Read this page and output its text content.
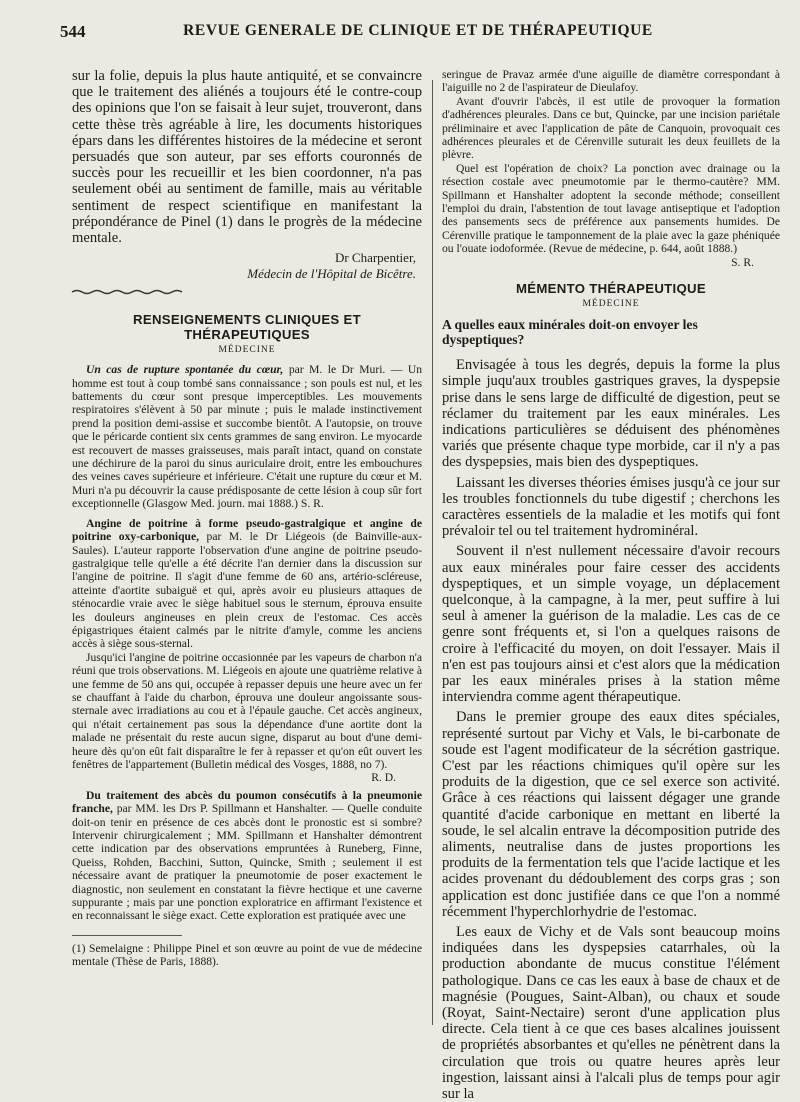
544	REVUE GENERALE DE CLINIQUE ET DE THÉRAPEUTIQUE

sur la folie, depuis la plus haute antiquité, et se convaincre que le traitement des aliénés a toujours été le contre-coup des opinions que l'on se faisait à leur sujet, trouveront, dans cette thèse très agréable à lire, les documents historiques épars dans les différentes histoires de la médecine et seront persuadés que son auteur, par ses efforts couronnés de succès pour les recueillir et les bien coordonner, n'a pas seulement obéi au sentiment de famille, mais au véritable sentiment de respect scientifique en manifestant la prépondérance de Pinel (1) dans le progrès de la médecine mentale.

Dr Charpentier,
Médecin de l'Hôpital de Bicêtre.
RENSEIGNEMENTS CLINIQUES ET THÉRAPEUTIQUES
MÉDECINE

Un cas de rupture spontanée du cœur, par M. le Dr Muri. — Un homme est tout à coup tombé sans connaissance ; son pouls est nul, et les battements du cœur sont presque imperceptibles. Les mouvements respiratoires s'élèvent à 50 par minute ; puis le malade instinctivement prend la position demi-assise et succombe bientôt. A l'autopsie, on trouve que le péricarde contient six cents grammes de sang environ. Le myocarde est recouvert de masses graisseuses, mais paraît intact, quand on constate une déchirure de la paroi du sinus auriculaire droit, entre les embouchures des veines caves supérieure et inférieure. C'était une rupture du cœur et M. Muri n'a pu découvrir la cause prédisposante de cette lésion à coup sûr fort exceptionnelle (Glasgow Med. journ. mai 1888.) S. R.

Angine de poitrine à forme pseudo-gastralgique et angine de poitrine oxy-carbonique, par M. le Dr Liégeois (de Bainville-aux-Saules). L'auteur rapporte l'observation d'une angine de poitrine pseudo-gastralgique telle qu'elle a été décrite l'an dernier dans la discussion sur l'angine de poitrine. Il s'agit d'une femme de 60 ans, artério-scléreuse, atteinte d'aortite subaiguë et qui, après avoir eu plusieurs attaques de sténocardie vraie avec le siège habituel sous le sternum, éprouva ensuite les douleurs angineuses en plein creux de l'estomac. Ces accès épigastriques étaient calmés par le nitrite d'amyle, comme les anciens accès à siège sous-sternal.

Jusqu'ici l'angine de poitrine occasionnée par les vapeurs de charbon n'a réuni que trois observations. M. Liégeois en ajoute une quatrième relative à une femme de 50 ans qui, occupée à repasser depuis une heure avec un fer se chauffant à l'aide du charbon, éprouva une douleur angoissante sous-sternale avec irradiations au cou et à l'épaule gauche. Cet accès angineux, qui n'était certainement pas sous la dépendance d'une aortite dont la malade ne présentait du reste aucun signe, disparut au bout d'une demi-heure dès qu'on eût fait disparaître le fer à repasser et qu'on eût ouvert les fenêtres de l'appartement (Bulletin médical des Vosges, 1888, no 7).

R. D.

Du traitement des abcès du poumon consécutifs à la pneumonie franche, par MM. les Drs P. Spillmann et Hanshalter. — Quelle conduite doit-on tenir en présence de ces abcès dont le pronostic est si sombre? Intervenir chirurgicalement ; MM. Spillmann et Hanshalter démontrent cette indication par des observations empruntées à Runeberg, Finne, Queiss, Rohden, Bacchini, Sutton, Quincke, Smith ; seulement il est nécessaire avant de pratiquer la pneumotomie de poser exactement le diagnostic, non seulement en constatant la fièvre hectique et une caverne suppurante ; mais par une ponction exploratrice en affirmant l'existence et en reconnaissant le siège exact. Cette exploration est pratiquée avec une

(1) Semelaigne : Philippe Pinel et son œuvre au point de vue de médecine mentale (Thèse de Paris, 1888).

seringue de Pravaz armée d'une aiguille de diamètre correspondant à l'aiguille no 2 de l'aspirateur de Dieulafoy.

Avant d'ouvrir l'abcès, il est utile de provoquer la formation d'adhérences pleurales. Dans ce but, Quincke, par une incision pariétale préliminaire et avec l'application de pâte de Canquoin, provoquait ces adhérences pleurales et de Cérenville suturait les deux feuillets de la plèvre.

Quel est l'opération de choix? La ponction avec drainage ou la résection costale avec pneumotomie par le thermo-cautère? MM. Spillmann et Hanshalter adoptent la seconde méthode; conseillent l'emploi du drain, l'abstention de tout lavage antiseptique et l'adoption des pansements secs de préférence aux pansements humides. De Cérenville pratique le tamponnement de la plaie avec la gaze phéniquée ou l'ouate iodoformée. (Revue de médecine, p. 644, août 1888.)

S. R.
MÉMENTO THÉRAPEUTIQUE
MÉDECINE

A quelles eaux minérales doit-on envoyer les dyspeptiques?

Envisagée à tous les degrés, depuis la forme la plus simple juqu'aux troubles gastriques graves, la dyspepsie prise dans le sens large de difficulté de digestion, peut se réclamer du traitement par les eaux minérales. Les indications particulières se déduisent des phénomènes variés que présente chaque type morbide, car il n'y a pas des dyspepsies, mais bien des dyspeptiques.

Laissant les diverses théories émises jusqu'à ce jour sur les troubles fonctionnels du tube digestif ; cherchons les caractères essentiels de la maladie et les motifs qui font prévaloir tel ou tel traitement hydrominéral.

Souvent il n'est nullement nécessaire d'avoir recours aux eaux minérales pour faire cesser des accidents dyspeptiques, et un simple voyage, un déplacement quelconque, à la campagne, à la mer, peut suffire à lui seul à amener la guérison de la maladie. Les cas de ce genre sont fréquents et, si l'on a quelques raisons de croire à l'efficacité du moyen, on doit l'essayer. Mais il n'en est pas toujours ainsi et c'est alors que la médication par les eaux minérales prises à la station même interviendra comme agent thérapeutique.

Dans le premier groupe des eaux dites spéciales, représenté surtout par Vichy et Vals, le bi-carbonate de soude est l'agent modificateur de la sécrétion gastrique. C'est par les réactions chimiques qu'il opère sur les produits de la digestion, que ce sel exerce son activité. Grâce à ces réactions qui laissent dégager une grande quantité d'acide carbonique en mettant en liberté la soude, le sel alcalin entrave la décomposition putride des aliments, neutralise dans de justes proportions les produits de la fermentation tels que l'acide lactique et les acides provenant du dédoublement des corps gras ; son application est donc justifiée dans ce que l'on a nommé récemment l'hyperchlorhydrie de l'estomac.

Les eaux de Vichy et de Vals sont beaucoup moins indiquées dans les dyspepsies catarrhales, où la production abondante de mucus constitue l'élément pathologique. Dans ce cas les eaux à base de chaux et de magnésie (Pougues, Saint-Alban), ou chaux et soude (Royat, Saint-Nectaire) seront d'une application plus directe. Cela tient à ce que ces bases alcalines jouissent de propriétés absorbantes et qu'elles ne pénètrent dans la circulation que trois ou quatre heures après leur ingestion, laissant ainsi à l'alcali plus de temps pour agir sur la
